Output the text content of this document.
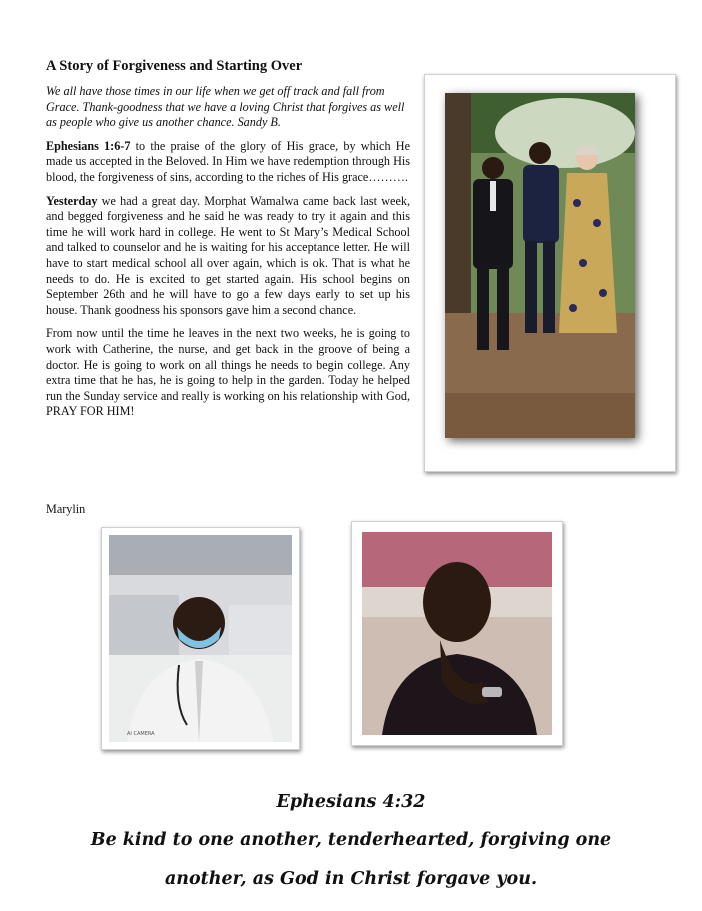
A Story of Forgiveness and Starting Over

We all have those times in our life when we get off track and fall from Grace. Thank-goodness that we have a loving Christ that forgives as well as people who give us another chance. Sandy B.

Ephesians 1:6-7 to the praise of the glory of His grace, by which He made us accepted in the Beloved. In Him we have redemption through His blood, the forgiveness of sins, according to the riches of His grace……….

Yesterday we had a great day. Morphat Wamalwa came back last week, and begged forgiveness and he said he was ready to try it again and this time he will work hard in college. He went to St Mary’s Medical School and talked to counselor and he is waiting for his acceptance letter. He will have to start medical school all over again, which is ok. That is what he needs to do. He is excited to get started again. His school begins on September 26th and he will have to go a few days early to set up his house. Thank goodness his sponsors gave him a second chance.

From now until the time he leaves in the next two weeks, he is going to work with Catherine, the nurse, and get back in the groove of being a doctor. He is going to work on all things he needs to begin college. Any extra time that he has, he is going to help in the garden. Today he helped run the Sunday service and really is working on his relationship with God, PRAY FOR HIM!

Marylin
AI CAMERA
Ephesians 4:32
Be kind to one another, tenderhearted, forgiving one
another, as God in Christ forgave you.
